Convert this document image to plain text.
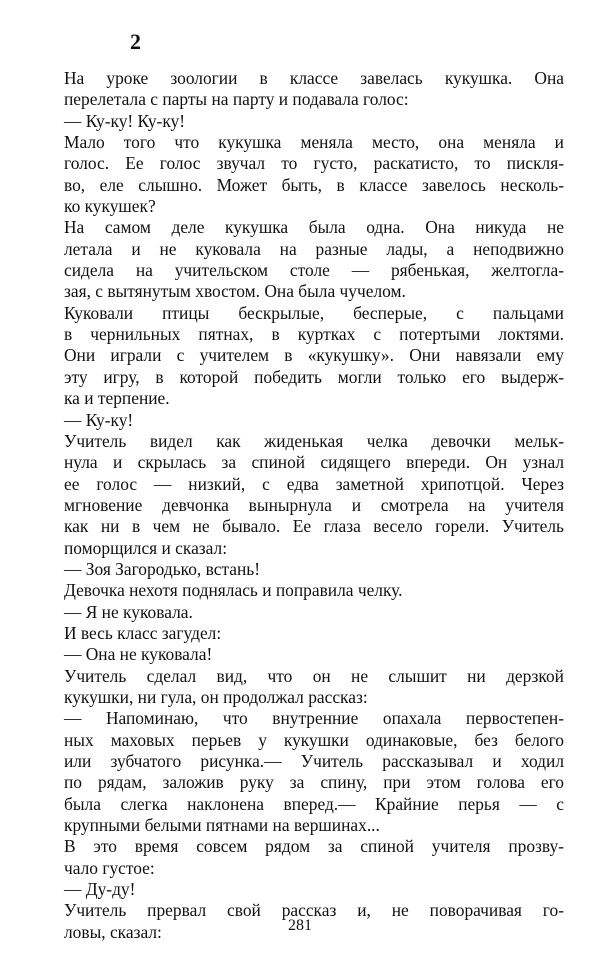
2

На уроке зоологии в классе завелась кукушка. Она
перелетала с парты на парту и подавала голос:

— Ку-ку! Ку-ку!

Мало того что кукушка меняла место, она меняла и
голос. Ее голос звучал то густо, раскатисто, то пискля-
во, еле слышно. Может быть, в классе завелось несколь-
ко кукушек?

На самом деле кукушка была одна. Она никуда не
летала и не куковала на разные лады, а неподвижно
сидела на учительском столе — рябенькая, желтогла-
зая, с вытянутым хвостом. Она была чучелом.

Куковали птицы бескрылые, бесперые, с пальцами
в чернильных пятнах, в куртках с потертыми локтями.
Они играли с учителем в «кукушку». Они навязали ему
эту игру, в которой победить могли только его выдерж-
ка и терпение.

— Ку-ку!

Учитель видел как жиденькая челка девочки мельк-
нула и скрылась за спиной сидящего впереди. Он узнал
ее голос — низкий, с едва заметной хрипотцой. Через
мгновение девчонка вынырнула и смотрела на учителя
как ни в чем не бывало. Ее глаза весело горели. Учитель
поморщился и сказал:

— Зоя Загородько, встань!

Девочка нехотя поднялась и поправила челку.

— Я не куковала.

И весь класс загудел:

— Она не куковала!

Учитель сделал вид, что он не слышит ни дерзкой
кукушки, ни гула, он продолжал рассказ:

— Напоминаю, что внутренние опахала первостепен-
ных маховых перьев у кукушки одинаковые, без белого
или зубчатого рисунка.— Учитель рассказывал и ходил
по рядам, заложив руку за спину, при этом голова его
была слегка наклонена вперед.— Крайние перья — с
крупными белыми пятнами на вершинах...

В это время совсем рядом за спиной учителя прозву-
чало густое:

— Ду-ду!

Учитель прервал свой рассказ и, не поворачивая го-
ловы, сказал:	281
